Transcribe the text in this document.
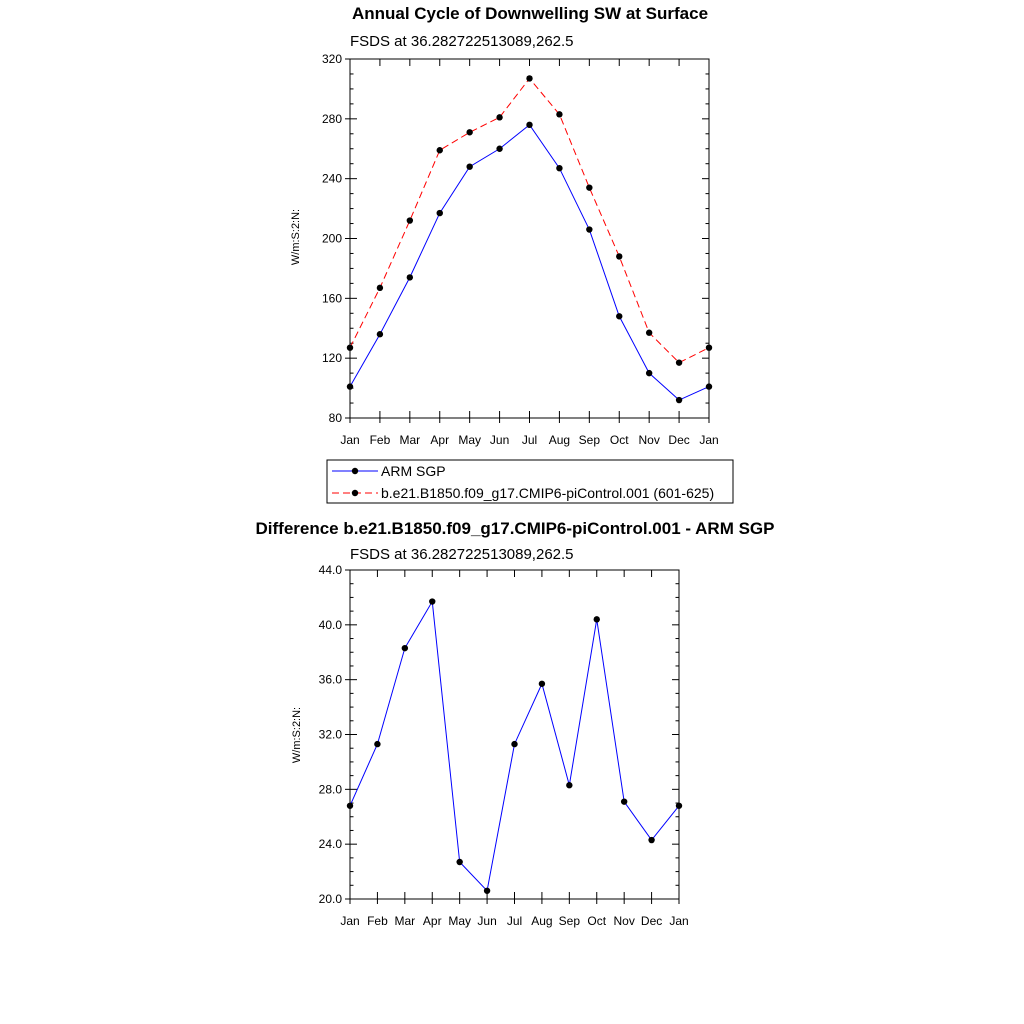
Annual Cycle of Downwelling SW at Surface
FSDS at 36.282722513089,262.5
W/m:S:2:N:
80
120
160
200
240
280
320
Jan Feb Mar Apr May Jun Jul Aug Sep Oct Nov Dec Jan
ARM SGP
b.e21.B1850.f09_g17.CMIP6-piControl.001 (601-625)
Difference b.e21.B1850.f09_g17.CMIP6-piControl.001 - ARM SGP
FSDS at 36.282722513089,262.5
W/m:S:2:N:
20.0
24.0
28.0
32.0
36.0
40.0
44.0
Jan Feb Mar Apr May Jun Jul Aug Sep Oct Nov Dec Jan
